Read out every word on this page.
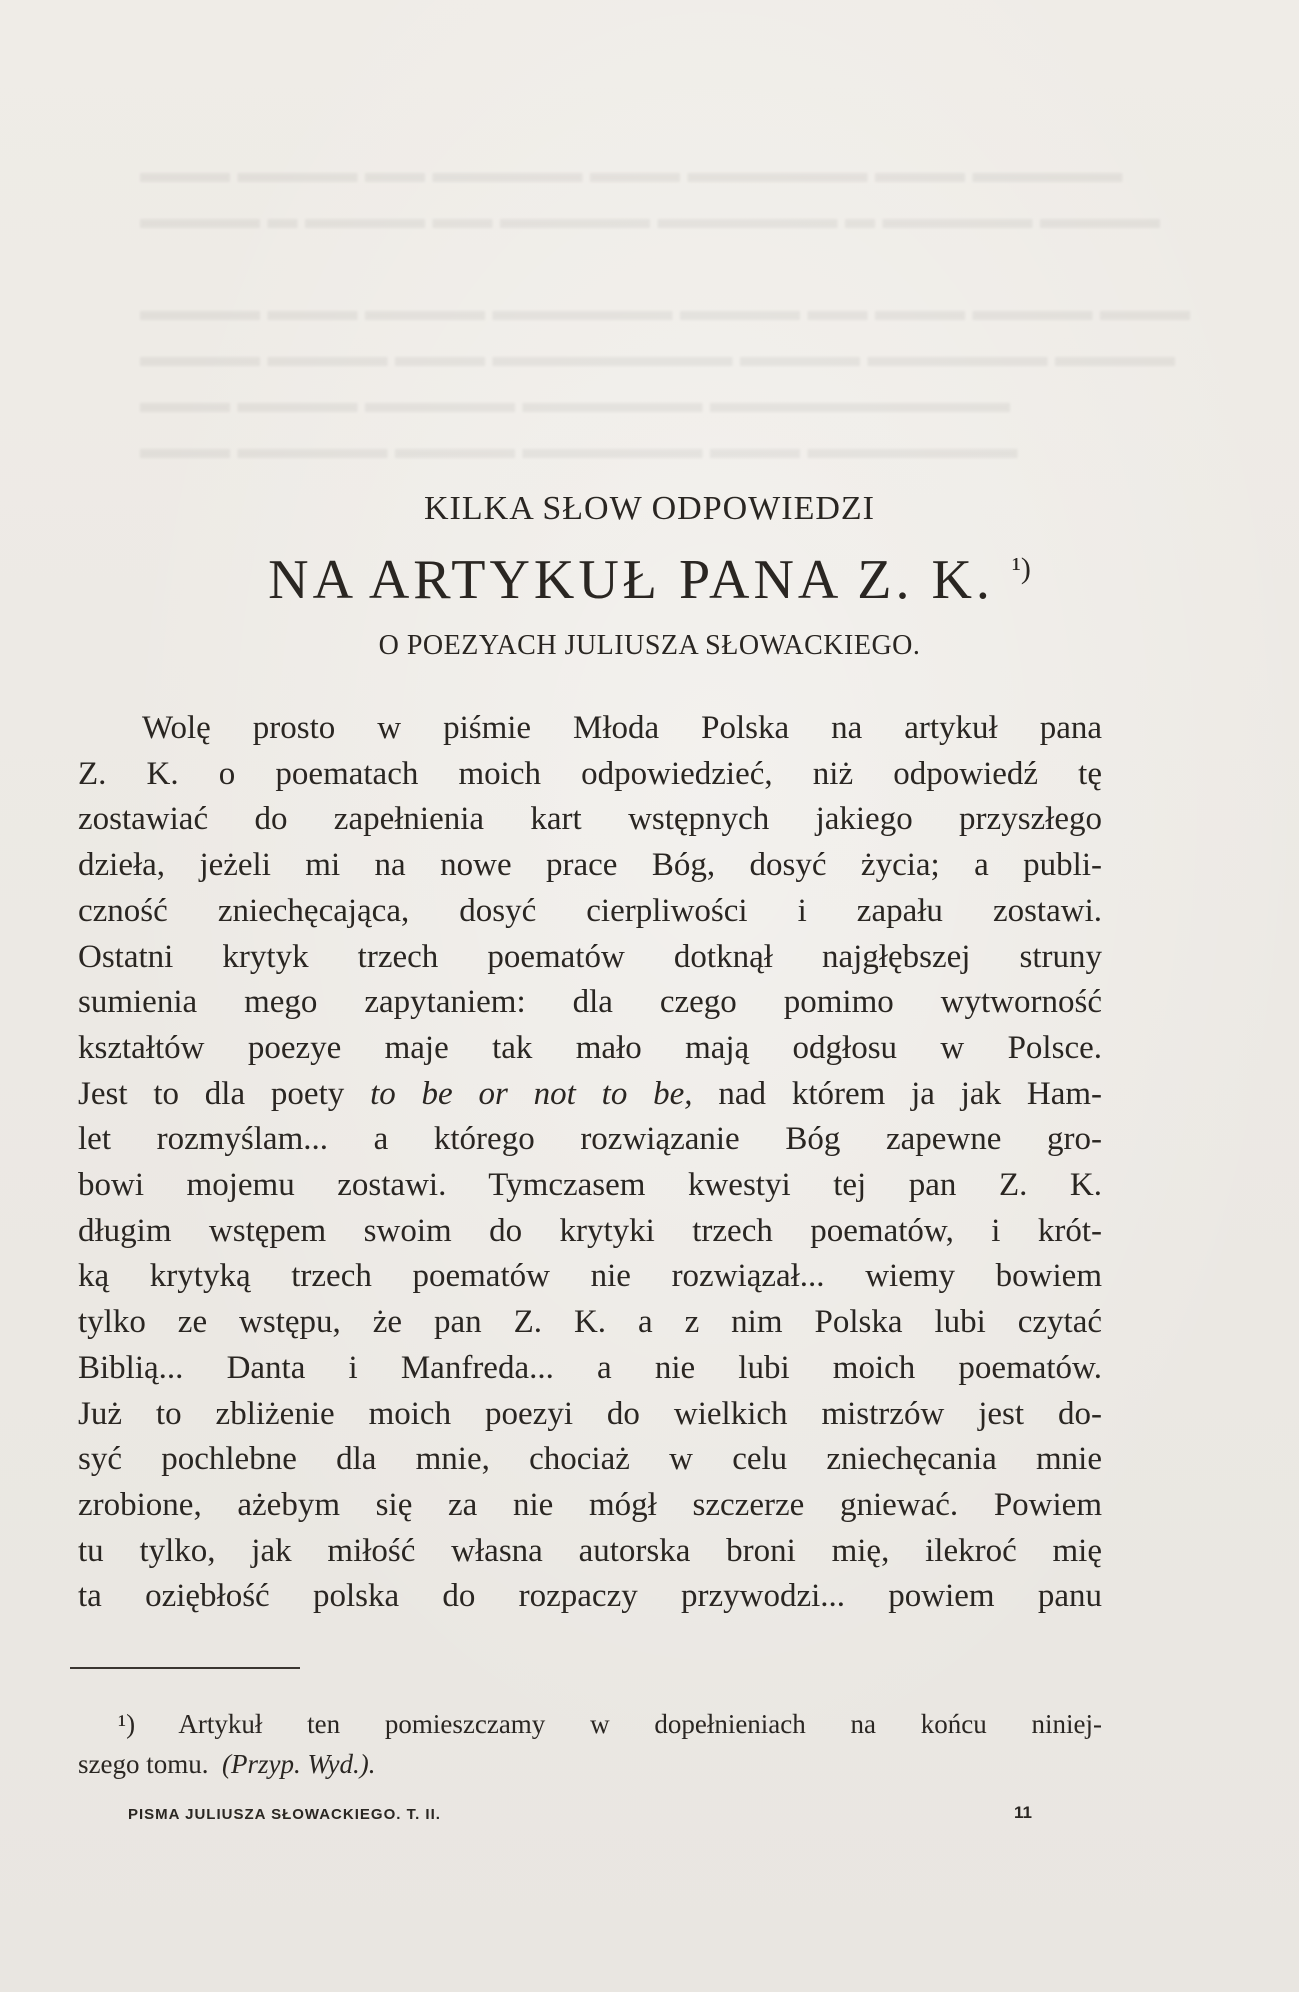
▬▬▬ ▬▬▬▬ ▬▬ ▬▬▬▬▬ ▬▬▬ ▬▬▬▬▬▬ ▬▬▬ ▬▬▬▬▬
▬▬▬▬ ▬ ▬▬▬▬ ▬▬ ▬▬▬▬▬ ▬▬▬▬▬▬ ▬ ▬▬▬▬▬ ▬▬▬▬

▬▬▬▬ ▬▬▬ ▬▬▬▬ ▬▬▬▬▬▬ ▬▬▬▬ ▬▬ ▬▬▬ ▬▬▬▬ ▬▬▬
▬▬▬▬ ▬▬▬▬ ▬▬▬ ▬▬▬▬▬▬▬▬ ▬▬▬▬ ▬▬▬▬▬▬ ▬▬▬▬
▬▬▬ ▬▬▬▬ ▬▬▬▬▬ ▬▬▬▬▬▬ ▬▬▬▬▬▬▬▬▬▬
▬▬▬ ▬▬▬▬▬ ▬▬▬▬ ▬▬▬▬▬▬ ▬▬▬ ▬▬▬▬▬▬▬
KILKA SŁOW ODPOWIEDZI
NA ARTYKUŁ PANA Z. K. $^{^1)}$
O POEZYACH JULIUSZA SŁOWACKIEGO.
Wolę prosto w piśmie Młoda Polska na artykuł pana
Z. K. o poematach moich odpowiedzieć, niż odpowiedź tę
zostawiać do zapełnienia kart wstępnych jakiego przyszłego
dzieła, jeżeli mi na nowe prace Bóg, dosyć życia; a publi-
czność zniechęcająca, dosyć cierpliwości i zapału zostawi.
Ostatni krytyk trzech poematów dotknął najgłębszej struny
sumienia mego zapytaniem: dla czego pomimo wytworność
kształtów poezye maje tak mało mają odgłosu w Polsce.
Jest to dla poety to be or not to be, nad którem ja jak Ham-
let rozmyślam... a którego rozwiązanie Bóg zapewne gro-
bowi mojemu zostawi. Tymczasem kwestyi tej pan Z. K.
długim wstępem swoim do krytyki trzech poematów, i krót-
ką krytyką trzech poematów nie rozwiązał... wiemy bowiem
tylko ze wstępu, że pan Z. K. a z nim Polska lubi czytać
Biblią... Danta i Manfreda... a nie lubi moich poematów.
Już to zbliżenie moich poezyi do wielkich mistrzów jest do-
syć pochlebne dla mnie, chociaż w celu zniechęcania mnie
zrobione, ażebym się za nie mógł szczerze gniewać. Powiem
tu tylko, jak miłość własna autorska broni mię, ilekroć mię
ta oziębłość polska do rozpaczy przywodzi... powiem panu
¹) Artykuł ten pomieszczamy w dopełnieniach na końcu niniej-
szego tomu. (Przyp. Wyd.).
PISMA JULIUSZA SŁOWACKIEGO. T. II.	11
